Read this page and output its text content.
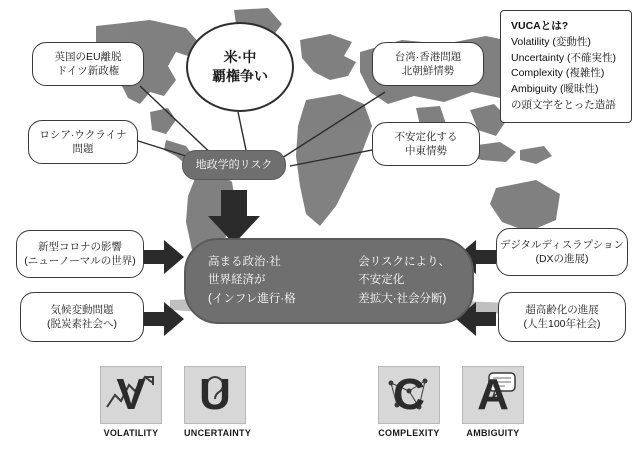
米·中
覇権争い
英国のEU離脱
ドイツ新政権
台湾·香港問題
北朝鮮情勢
ロシア·ウクライナ
問題
不安定化する
中東情勢
地政学的リスク
新型コロナの影響
(ニューノーマルの世界)
気候変動問題
(脱炭素社会へ)
デジタルディスラプション
(DXの進展)
超高齢化の進展
(人生100年社会)
高まる政治·社
世界経済が
(インフレ進行·格
会リスクにより、
不安定化
差拡大·社会分断)
VUCAとは?
Volatility (変動性)
Uncertainty (不確実性)
Complexity (複雑性)
Ambiguity (曖昧性)
の頭文字をとった造語
V
VOLATILITY
U
UNCERTAINTY
C
COMPLEXITY
A
AMBIGUITY
